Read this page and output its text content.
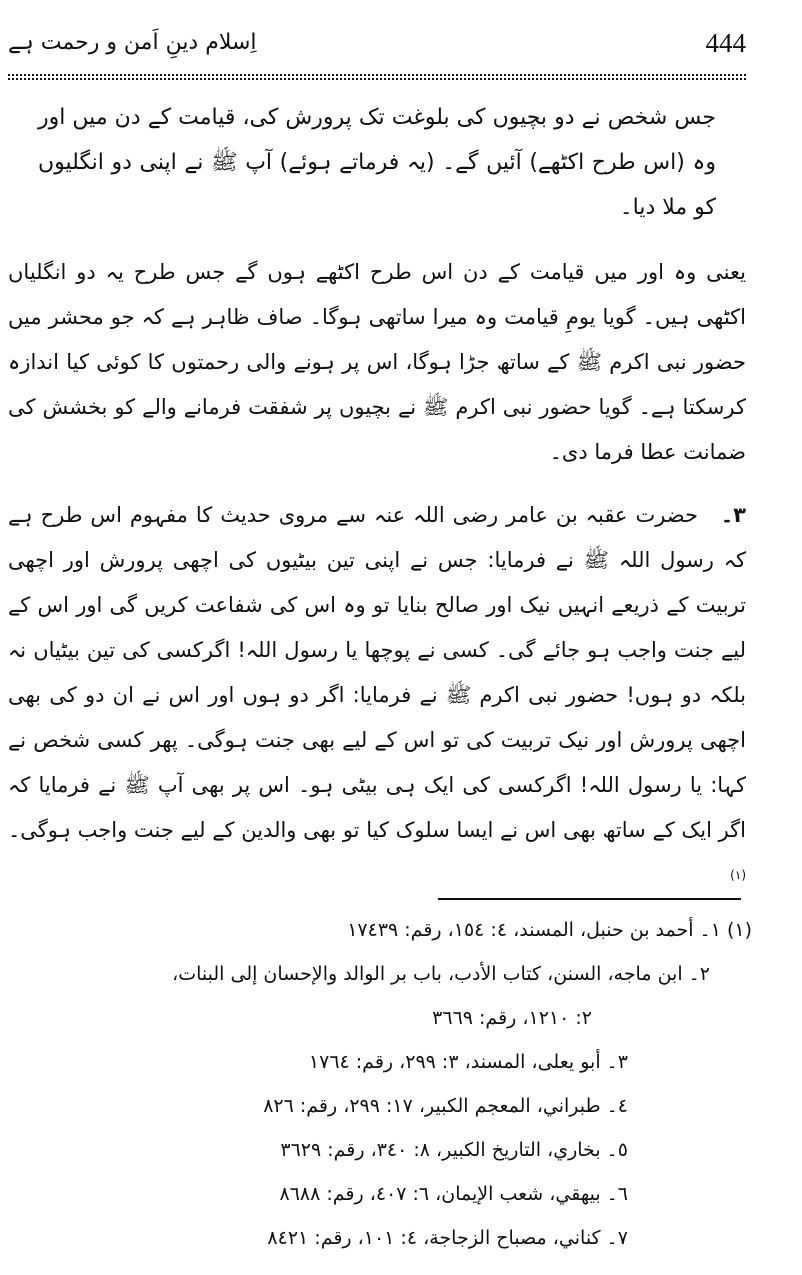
اِسلام دینِ اَمن و رحمت ہے	444

جس شخص نے دو بچیوں کی بلوغت تک پرورش کی، قیامت کے دن میں اور وہ (اس طرح اکٹھے) آئیں گے۔ (یہ فرماتے ہوئے) آپ ﷺ نے اپنی دو انگلیوں کو ملا دیا۔

یعنی وہ اور میں قیامت کے دن اس طرح اکٹھے ہوں گے جس طرح یہ دو انگلیاں اکٹھی ہیں۔ گویا یومِ قیامت وہ میرا ساتھی ہوگا۔ صاف ظاہر ہے کہ جو محشر میں حضور نبی اکرم ﷺ کے ساتھ جڑا ہوگا، اس پر ہونے والی رحمتوں کا کوئی کیا اندازہ کرسکتا ہے۔ گویا حضور نبی اکرم ﷺ نے بچیوں پر شفقت فرمانے والے کو بخشش کی ضمانت عطا فرما دی۔

٣۔حضرت عقبہ بن عامر رضی اللہ عنہ سے مروی حدیث کا مفہوم اس طرح ہے کہ رسول اللہ ﷺ نے فرمایا: جس نے اپنی تین بیٹیوں کی اچھی پرورش اور اچھی تربیت کے ذریعے انہیں نیک اور صالح بنایا تو وہ اس کی شفاعت کریں گی اور اس کے لیے جنت واجب ہو جائے گی۔ کسی نے پوچھا یا رسول اللہ! اگرکسی کی تین بیٹیاں نہ بلکہ دو ہوں! حضور نبی اکرم ﷺ نے فرمایا: اگر دو ہوں اور اس نے ان دو کی بھی اچھی پرورش اور نیک تربیت کی تو اس کے لیے بھی جنت ہوگی۔ پھر کسی شخص نے کہا: یا رسول اللہ! اگرکسی کی ایک ہی بیٹی ہو۔ اس پر بھی آپ ﷺ نے فرمایا کہ اگر ایک کے ساتھ بھی اس نے ایسا سلوک کیا تو بھی والدین کے لیے جنت واجب ہوگی۔$^{(١)}$

(١) ١۔ أحمد بن حنبل، المسند، ٤: ١٥٤، رقم: ١٧٤٣٩
٢۔ ابن ماجه، السنن، كتاب الأدب، باب بر الوالد والإحسان إلى البنات،
٢: ١٢١٠، رقم: ٣٦٦٩
٣۔ أبو يعلى، المسند، ٣: ٢٩٩، رقم: ١٧٦٤
٤۔ طبراني، المعجم الكبير، ١٧: ٢٩٩، رقم: ٨٢٦
٥۔ بخاري، التاريخ الكبير، ٨: ٣٤٠، رقم: ٣٦٢٩
٦۔ بيهقي، شعب الإيمان، ٦: ٤٠٧، رقم: ٨٦٨٨
٧۔ كناني، مصباح الزجاجة، ٤: ١٠١، رقم: ٨٤٢١
